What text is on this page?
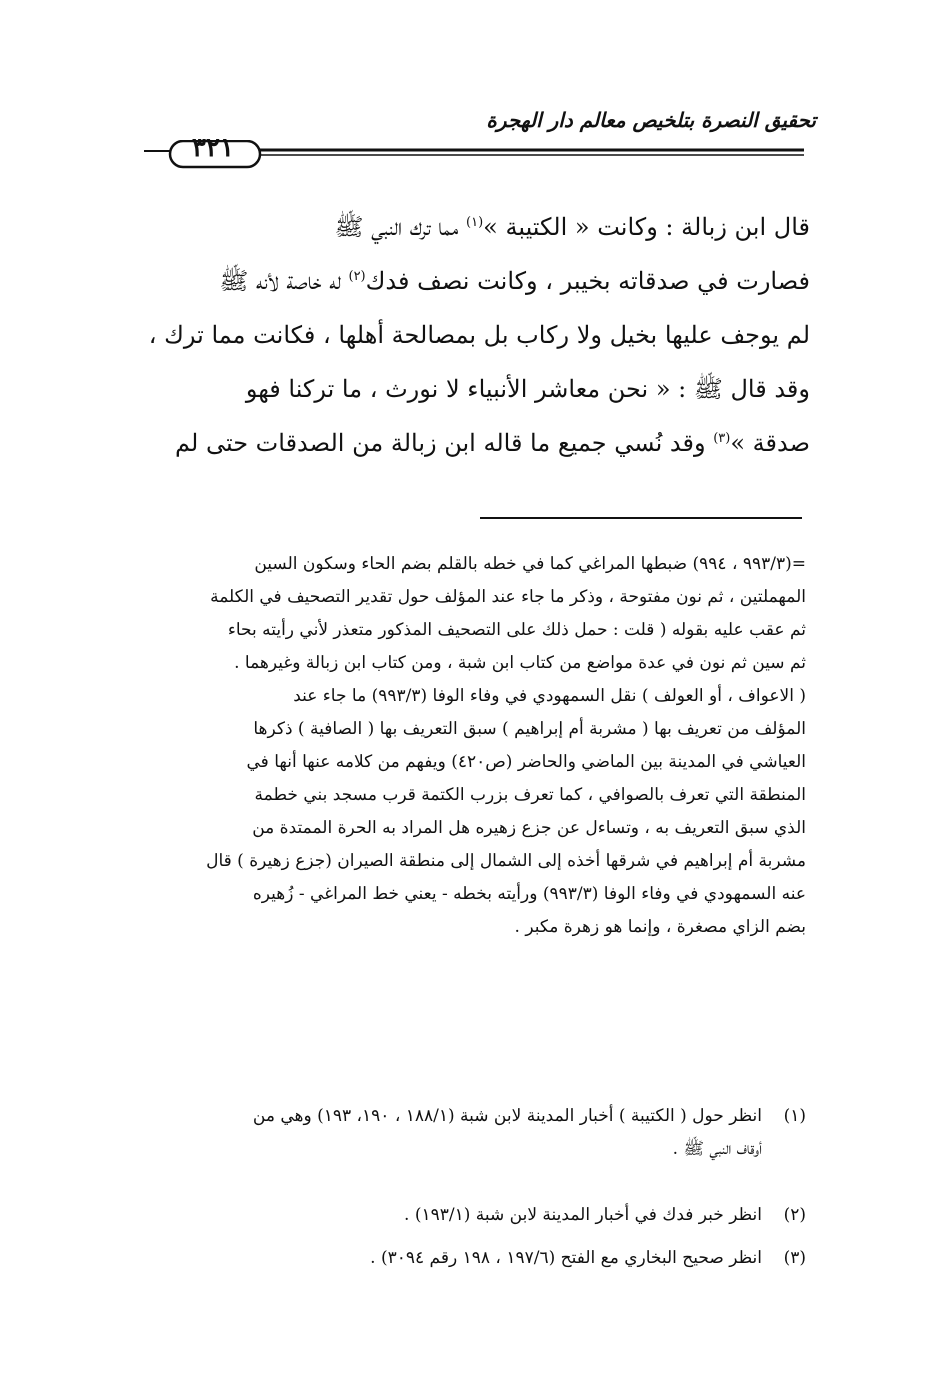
تحقيق النصرة بتلخيص معالم دار الهجرة
٣٢١

قال ابن زبالة : وكانت « الكتيبة »$^{(١)}$ مما ترك النبي ﷺ

فصارت في صدقاته بخيبر ، وكانت نصف فدك$^{(٢)}$ له خاصة لأنه ﷺ

لم يوجف عليها بخيل ولا ركاب بل بمصالحة أهلها ، فكانت مما ترك ،

وقد قال ﷺ : « نحن معاشر الأنبياء لا نورث ، ما تركنا فهو

صدقة »$^{(٣)}$ وقد نُسي جميع ما قاله ابن زبالة من الصدقات حتى لم

=(٩٩٣/٣ ، ٩٩٤) ضبطها المراغي كما في خطه بالقلم بضم الحاء وسكون السين

المهملتين ، ثم نون مفتوحة ، وذكر ما جاء عند المؤلف حول تقدير التصحيف في الكلمة

ثم عقب عليه بقوله ( قلت : حمل ذلك على التصحيف المذكور متعذر لأني رأيته بحاء

ثم سين ثم نون في عدة مواضع من كتاب ابن شبة ، ومن كتاب ابن زبالة وغيرهما .

( الاعواف ، أو العولف ) نقل السمهودي في وفاء الوفا (٩٩٣/٣) ما جاء عند

المؤلف من تعريف بها ( مشربة أم إبراهيم ) سبق التعريف بها ( الصافية ) ذكرها

العياشي في المدينة بين الماضي والحاضر (ص٤٢٠) ويفهم من كلامه عنها أنها في

المنطقة التي تعرف بالصوافي ، كما تعرف بزرب الكتمة قرب مسجد بني خطمة

الذي سبق التعريف به ، وتساءل عن جزع زهيره هل المراد به الحرة الممتدة من

مشربة أم إبراهيم في شرقها أخذه إلى الشمال إلى منطقة الصيران (جزع زهيرة ) قال

عنه السمهودي في وفاء الوفا (٩٩٣/٣) ورأيته بخطه - يعني خط المراغي - زُهيره

بضم الزاي مصغرة ، وإنما هو زهرة مكبر .

(١)انظر حول ( الكتيبة ) أخبار المدينة لابن شبة (١٨٨/١ ، ١٩٠، ١٩٣) وهي من
أوقاف النبي ﷺ .
(٢)انظر خبر فدك في أخبار المدينة لابن شبة (١٩٣/١) .
(٣)انظر صحيح البخاري مع الفتح (١٩٧/٦ ، ١٩٨ رقم ٣٠٩٤) .
